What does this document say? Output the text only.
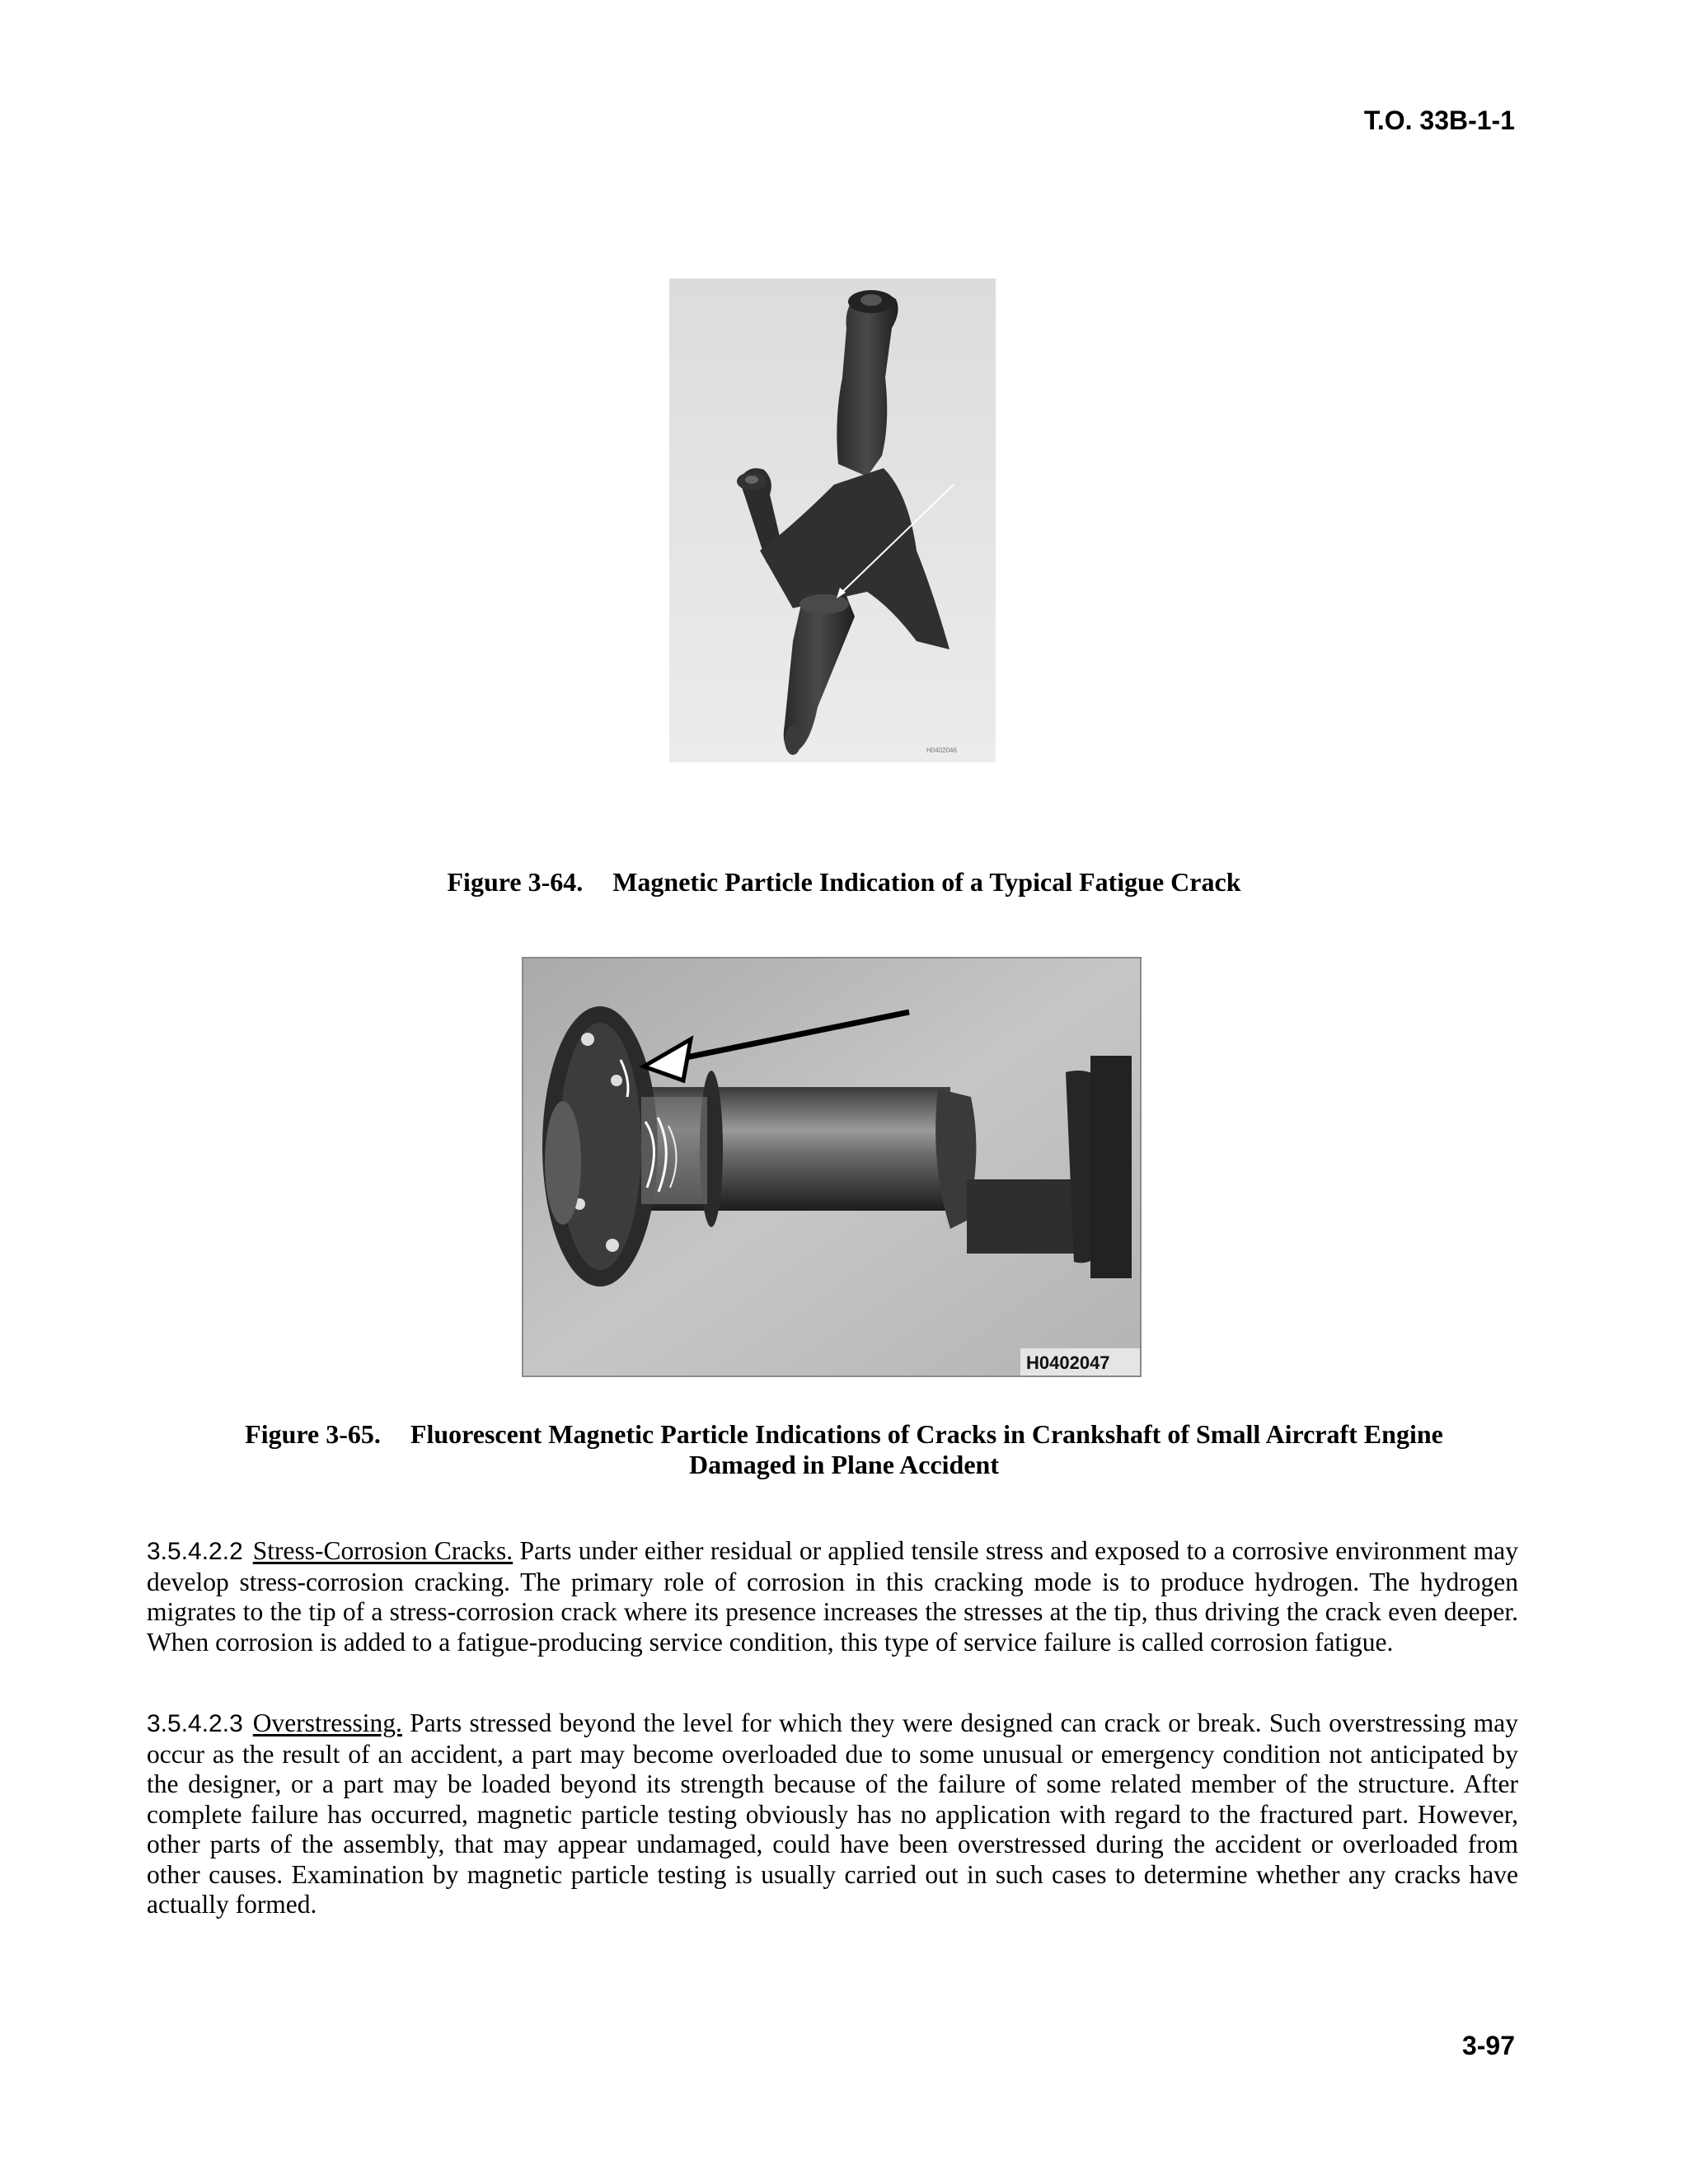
T.O. 33B-1-1
H0402046
Figure 3-64. Magnetic Particle Indication of a Typical Fatigue Crack
H0402047
Figure 3-65. Fluorescent Magnetic Particle Indications of Cracks in Crankshaft of Small Aircraft Engine
Damaged in Plane Accident
3.5.4.2.2 Stress-Corrosion Cracks. Parts under either residual or applied tensile stress and exposed to a corrosive environment may develop stress-corrosion cracking. The primary role of corrosion in this cracking mode is to produce hydrogen. The hydrogen migrates to the tip of a stress-corrosion crack where its presence increases the stresses at the tip, thus driving the crack even deeper. When corrosion is added to a fatigue-producing service condition, this type of service failure is called corrosion fatigue.
3.5.4.2.3 Overstressing. Parts stressed beyond the level for which they were designed can crack or break. Such overstressing may occur as the result of an accident, a part may become overloaded due to some unusual or emergency condition not anticipated by the designer, or a part may be loaded beyond its strength because of the failure of some related member of the structure. After complete failure has occurred, magnetic particle testing obviously has no application with regard to the fractured part. However, other parts of the assembly, that may appear undamaged, could have been overstressed during the accident or overloaded from other causes. Examination by magnetic particle testing is usually carried out in such cases to determine whether any cracks have actually formed.
3-97
